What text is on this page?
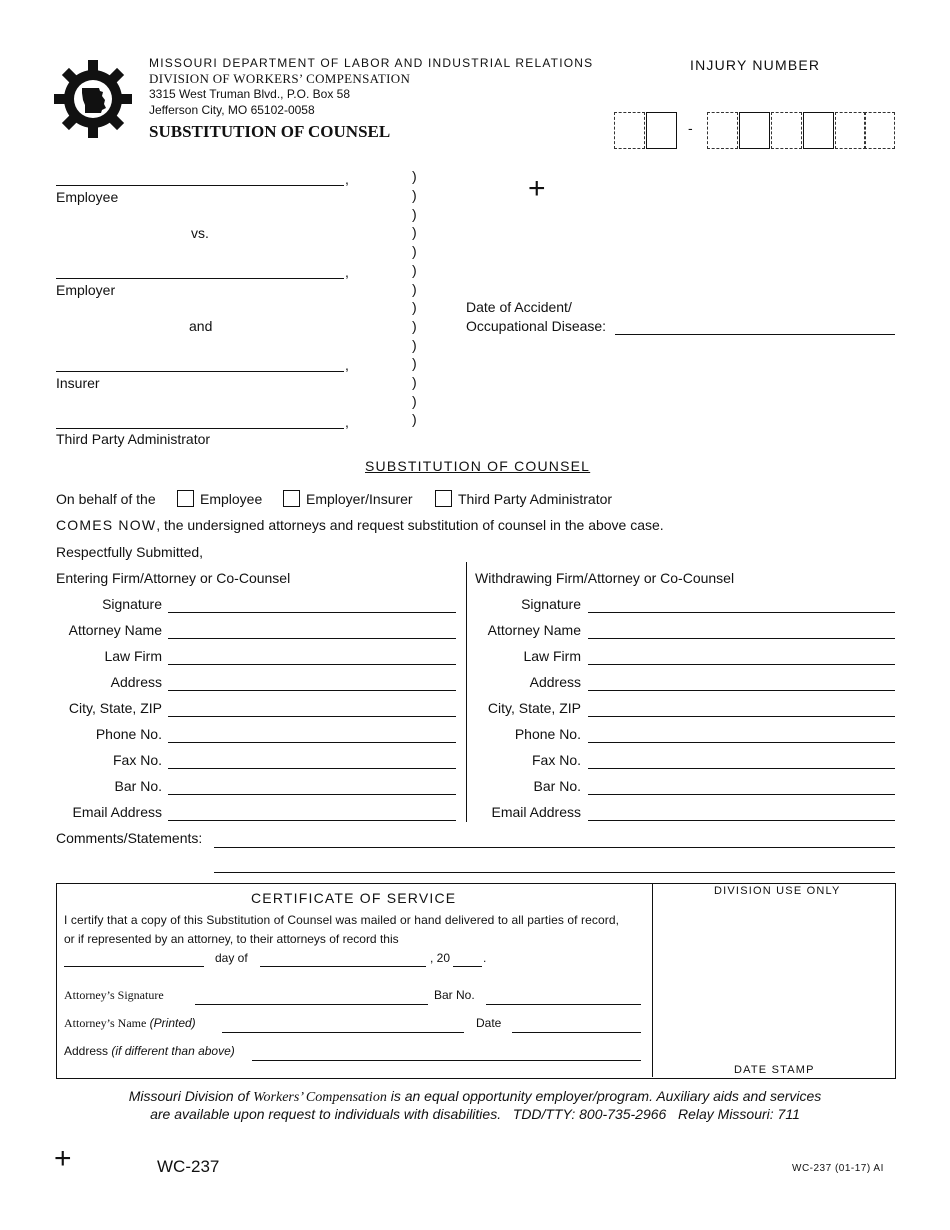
MISSOURI DEPARTMENT OF LABOR AND INDUSTRIAL RELATIONS
DIVISION OF WORKERS’ COMPENSATION
3315 West Truman Blvd., P.O. Box 58
Jefferson City, MO 65102-0058
SUBSTITUTION OF COUNSEL
INJURY NUMBER
-
,
Employee
vs.
,
Employer
and
,
Insurer
,
Third Party Administrator
)
)
)
)
)
)
)
)
)
)
)
)
)
)
+
Date of Accident/
Occupational Disease:
SUBSTITUTION OF COUNSEL
On behalf of the	Employee	Employer/Insurer	Third Party Administrator
COMES NOW, the undersigned attorneys and request substitution of counsel in the above case.
Respectfully Submitted,
Entering Firm/Attorney or Co-Counsel
Signature
Attorney Name
Law Firm
Address
City, State, ZIP
Phone No.
Fax No.
Bar No.
Email Address
Withdrawing Firm/Attorney or Co-Counsel
Signature
Attorney Name
Law Firm
Address
City, State, ZIP
Phone No.
Fax No.
Bar No.
Email Address
Comments/Statements:
CERTIFICATE OF SERVICE
I certify that a copy of this Substitution of Counsel was mailed or hand delivered to all parties of record,
or if represented by an attorney, to their attorneys of record this
day of	, 20	.
Attorney’s Signature	Bar No.
Attorney’s Name (Printed)	Date
Address (if different than above)
DIVISION USE ONLY
DATE STAMP
Missouri Division of Workers’ Compensation is an equal opportunity employer/program. Auxiliary aids and services
are available upon request to individuals with disabilities.   TDD/TTY: 800-735-2966   Relay Missouri: 711
+	WC-237	WC-237 (01-17) AI
